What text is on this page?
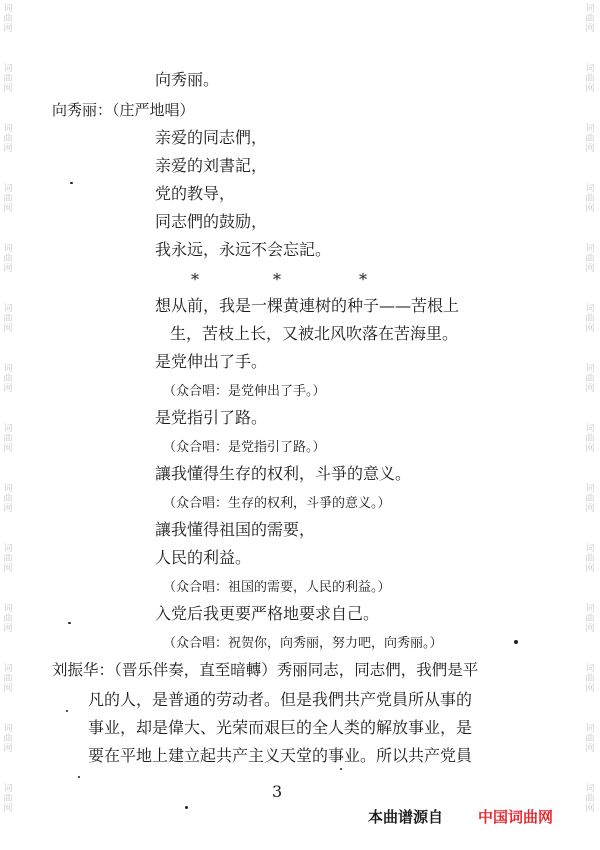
词
曲
网
词
曲
网
词
曲
网
词
曲
网
词
曲
网
词
曲
网
词
曲
网
词
曲
网
词
曲
网
词
曲
网
词
曲
网
词
曲
网
词
曲
网
词
曲
网
词
曲
网
词
曲
网
词
曲
网
词
曲
网
词
曲
网
词
曲
网
词
曲
网
词
曲
网
词
曲
网
词
曲
网
词
曲
网
词
曲
网
词
曲
网
词
曲
网
向秀丽。
向秀丽：（庄严地唱）
亲爱的同志們，
亲爱的刘書記，
党的教导，
同志們的鼓励，
我永远，永远不会忘記。
*	*	*
想从前，我是一棵黄連树的种子——苦根上
生，苦枝上长，又被北风吹落在苦海里。
是党伸出了手。
（众合唱：是党伸出了手。）
是党指引了路。
（众合唱：是党指引了路。）
讓我懂得生存的权利，斗爭的意义。
（众合唱：生存的权利，斗爭的意义。）
讓我懂得祖国的需要，
人民的利益。
（众合唱：祖国的需要，人民的利益。）
入党后我更要严格地要求自己。
（众合唱：祝贺你，向秀丽，努力吧，向秀丽。）
刘振华：（晋乐伴奏，直至暗轉）秀丽同志，同志們，我們是平
凡的人，是普通的劳动者。但是我們共产党員所从事的
事业，却是偉大、光荣而艰巨的全人类的解放事业，是
要在平地上建立起共产主义天堂的事业。所以共产党員
3
本曲谱源自 中国词曲网
